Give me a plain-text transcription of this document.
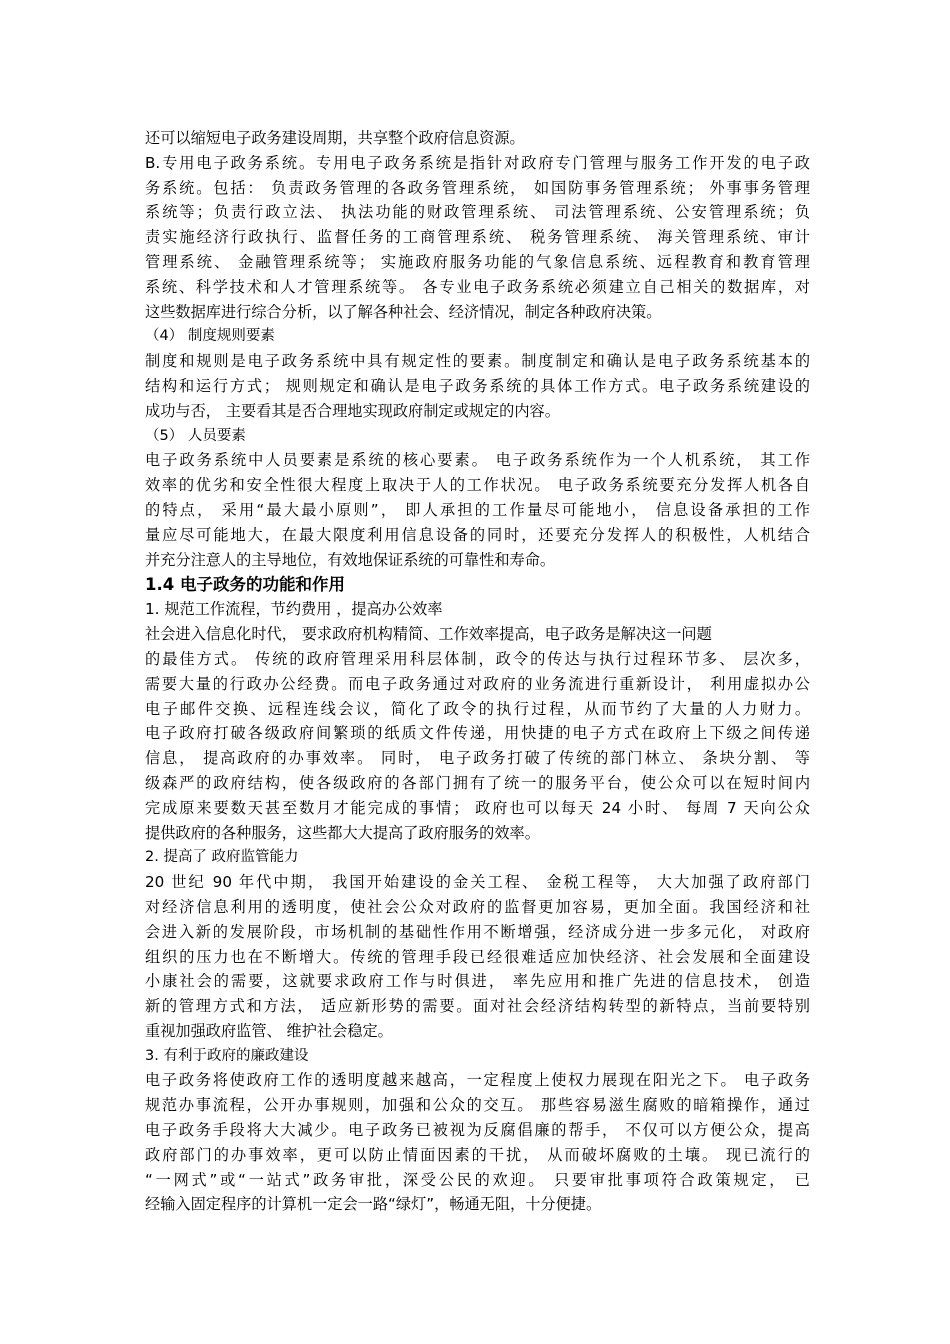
还可以缩短电子政务建设周期，共享整个政府信息资源。
B.专用电子政务系统。专用电子政务系统是指针对政府专门管理与服务工作开发的电子政
务系统。包括： 负责政务管理的各政务管理系统， 如国防事务管理系统； 外事事务管理
系统等；负责行政立法、 执法功能的财政管理系统、 司法管理系统、公安管理系统；负
责实施经济行政执行、监督任务的工商管理系统、 税务管理系统、 海关管理系统、审计
管理系统、 金融管理系统等； 实施政府服务功能的气象信息系统、远程教育和教育管理
系统、科学技术和人才管理系统等。 各专业电子政务系统必须建立自己相关的数据库，对
这些数据库进行综合分析，以了解各种社会、经济情况，制定各种政府决策。
（4） 制度规则要素
制度和规则是电子政务系统中具有规定性的要素。制度制定和确认是电子政务系统基本的
结构和运行方式； 规则规定和确认是电子政务系统的具体工作方式。电子政务系统建设的
成功与否， 主要看其是否合理地实现政府制定或规定的内容。
（5） 人员要素
电子政务系统中人员要素是系统的核心要素。 电子政务系统作为一个人机系统， 其工作
效率的优劣和安全性很大程度上取决于人的工作状况。 电子政务系统要充分发挥人机各自
的特点， 采用“最大最小原则”， 即人承担的工作量尽可能地小， 信息设备承担的工作
量应尽可能地大，在最大限度利用信息设备的同时，还要充分发挥人的积极性，人机结合
并充分注意人的主导地位，有效地保证系统的可靠性和寿命。
1.4 电子政务的功能和作用
1. 规范工作流程，节约费用 ，提高办公效率
社会进入信息化时代， 要求政府机构精简、工作效率提高，电子政务是解决这一问题
的最佳方式。 传统的政府管理采用科层体制，政令的传达与执行过程环节多、 层次多，
需要大量的行政办公经费。而电子政务通过对政府的业务流进行重新设计， 利用虚拟办公
电子邮件交换、远程连线会议，简化了政令的执行过程，从而节约了大量的人力财力。
电子政府打破各级政府间繁琐的纸质文件传递，用快捷的电子方式在政府上下级之间传递
信息， 提高政府的办事效率。 同时， 电子政务打破了传统的部门林立、 条块分割、 等
级森严的政府结构，使各级政府的各部门拥有了统一的服务平台，使公众可以在短时间内
完成原来要数天甚至数月才能完成的事情； 政府也可以每天 24 小时、 每周 7 天向公众
提供政府的各种服务，这些都大大提高了政府服务的效率。
2. 提高了 政府监管能力
20 世纪 90 年代中期， 我国开始建设的金关工程、 金税工程等， 大大加强了政府部门
对经济信息利用的透明度，使社会公众对政府的监督更加容易，更加全面。我国经济和社
会进入新的发展阶段，市场机制的基础性作用不断增强，经济成分进一步多元化， 对政府
组织的压力也在不断增大。传统的管理手段已经很难适应加快经济、社会发展和全面建设
小康社会的需要，这就要求政府工作与时俱进， 率先应用和推广先进的信息技术， 创造
新的管理方式和方法， 适应新形势的需要。面对社会经济结构转型的新特点，当前要特别
重视加强政府监管、 维护社会稳定。
3. 有利于政府的廉政建设
电子政务将使政府工作的透明度越来越高，一定程度上使权力展现在阳光之下。 电子政务
规范办事流程，公开办事规则，加强和公众的交互。 那些容易滋生腐败的暗箱操作，通过
电子政务手段将大大减少。电子政务已被视为反腐倡廉的帮手， 不仅可以方便公众，提高
政府部门的办事效率，更可以防止情面因素的干扰， 从而破坏腐败的土壤。 现已流行的
“一网式”或“一站式”政务审批，深受公民的欢迎。 只要审批事项符合政策规定， 已
经输入固定程序的计算机一定会一路“绿灯”，畅通无阻，十分便捷。
